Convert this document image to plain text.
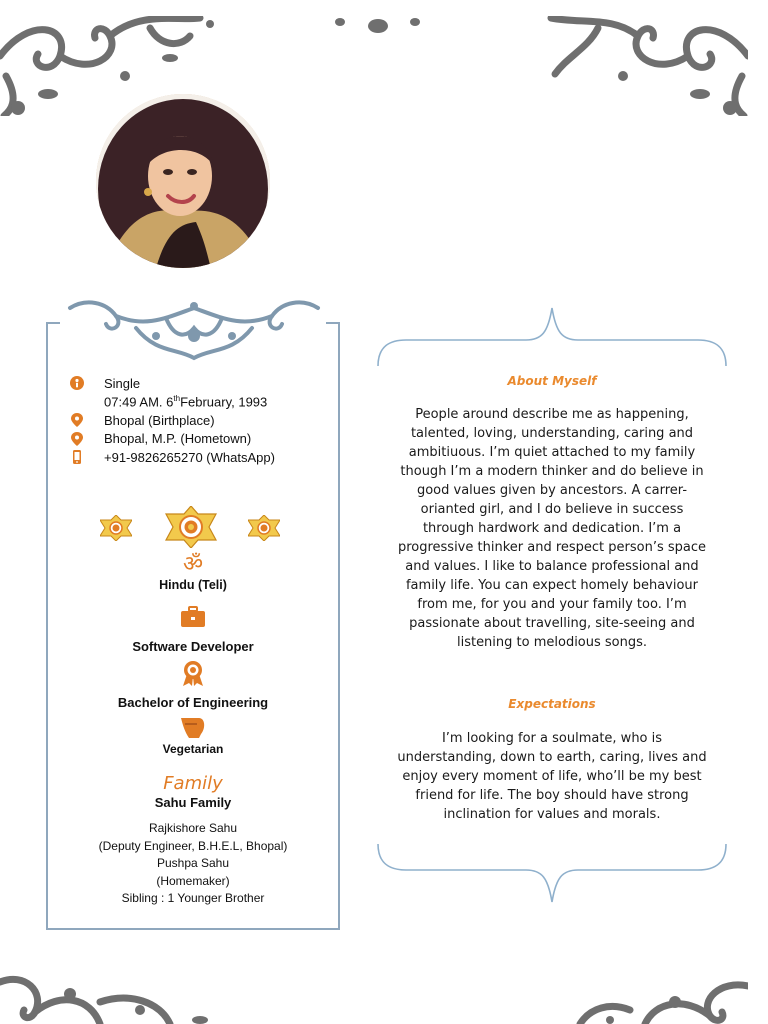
Single
07:49 AM. 6thFebruary, 1993
Bhopal (Birthplace)
Bhopal, M.P. (Hometown)
+91-9826265270 (WhatsApp)
ॐ
Hindu (Teli)
Software Developer
Bachelor of Engineering
Vegetarian
Family
Sahu Family
Rajkishore Sahu
(Deputy Engineer, B.H.E.L, Bhopal)
Pushpa Sahu
(Homemaker)
Sibling : 1 Younger Brother
About Myself
People around describe me as happening,
talented, loving, understanding, caring and
ambitiuous. I’m quiet attached to my family
though I’m a modern thinker and do believe in
good values given by ancestors. A carrer-
orianted girl, and I do believe in success
through hardwork and dedication. I’m a
progressive thinker and respect person’s space
and values. I like to balance professional and
family life. You can expect homely behaviour
from me, for you and your family too. I’m
passionate about travelling, site-seeing and
listening to melodious songs.
Expectations
I’m looking for a soulmate, who is
understanding, down to earth, caring, lives and
enjoy every moment of life, who’ll be my best
friend for life. The boy should have strong
inclination for values and morals.
